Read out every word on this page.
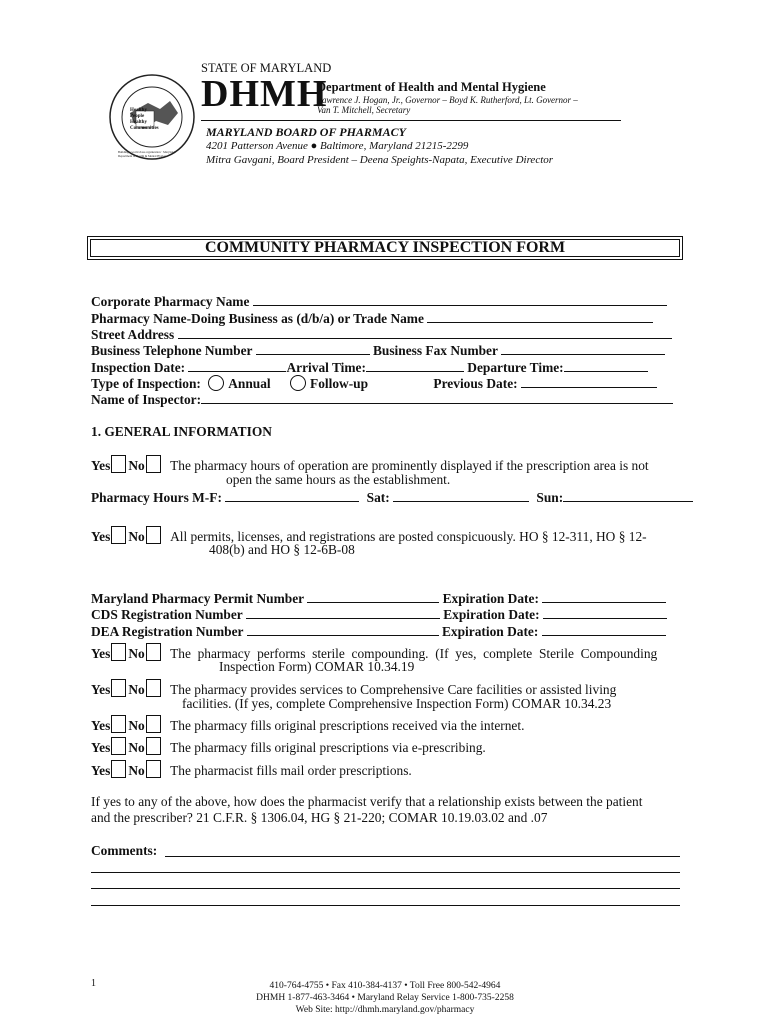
Healthy People Healthy Communities
Building a world class organization · Maryland Department of Health & Mental Hygiene
STATE OF MARYLAND
DHMH
Department of Health and Mental Hygiene
Lawrence J. Hogan, Jr., Governor – Boyd K. Rutherford, Lt. Governor –
Van T. Mitchell, Secretary
MARYLAND BOARD OF PHARMACY
4201 Patterson Avenue ● Baltimore, Maryland 21215-2299
Mitra Gavgani, Board President – Deena Speights-Napata, Executive Director
COMMUNITY PHARMACY INSPECTION FORM
Corporate Pharmacy Name
Pharmacy Name-Doing Business as (d/b/a) or Trade Name
Street Address
Business Telephone Number	Business Fax Number
Inspection Date:	Arrival Time:	Departure Time:
Type of Inspection: Annual	Follow-up	Previous Date:
Name of Inspector:
1. GENERAL INFORMATION
Yes No The pharmacy hours of operation are prominently displayed if the prescription area is not
open the same hours as the establishment.
Pharmacy Hours M-F:	Sat:	Sun:
Yes No All permits, licenses, and registrations are posted conspicuously. HO § 12-311, HO § 12-
408(b) and HO § 12-6B-08
Maryland Pharmacy Permit Number	Expiration Date:
CDS Registration Number	Expiration Date:
DEA Registration Number	Expiration Date:
Yes No The  pharmacy  performs  sterile  compounding.  (If  yes,  complete  Sterile  Compounding
Inspection Form) COMAR 10.34.19
Yes No The pharmacy provides services to Comprehensive Care facilities or assisted living
facilities. (If yes, complete Comprehensive Inspection Form) COMAR 10.34.23
Yes No The pharmacy fills original prescriptions received via the internet.
Yes No The pharmacy fills original prescriptions via e-prescribing.
Yes No The pharmacist fills mail order prescriptions.
If yes to any of the above, how does the pharmacist verify that a relationship exists between the patient
and the prescriber? 21 C.F.R. § 1306.04, HG § 21-220; COMAR 10.19.03.02 and .07
Comments:
1	410-764-4755 • Fax 410-384-4137 • Toll Free 800-542-4964
DHMH 1-877-463-3464 • Maryland Relay Service 1-800-735-2258
Web Site: http://dhmh.maryland.gov/pharmacy
